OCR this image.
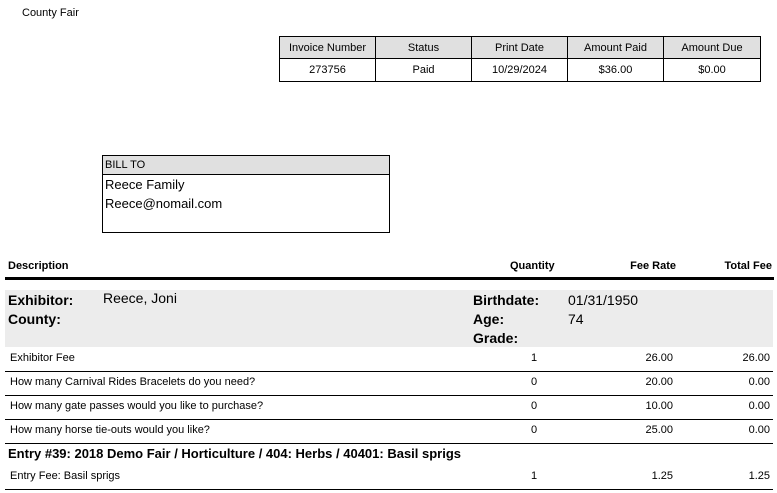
County Fair
Invoice Number	Status	Print Date	Amount Paid	Amount Due
273756	Paid	10/29/2024	$36.00	$0.00
BILL TO
Reece Family
Reece@nomail.com
Description	Quantity	Fee Rate	Total Fee
Exhibitor: Reece, Joni
County:
Birthdate: 01/31/1950
Age:	74
Grade:
Exhibitor Fee	1	26.00	26.00
How many Carnival Rides Bracelets do you need?	0	20.00	0.00
How many gate passes would you like to purchase?	0	10.00	0.00
How many horse tie-outs would you like?	0	25.00	0.00
Entry #39: 2018 Demo Fair / Horticulture / 404: Herbs / 40401: Basil sprigs
Entry Fee: Basil sprigs	1	1.25	1.25
